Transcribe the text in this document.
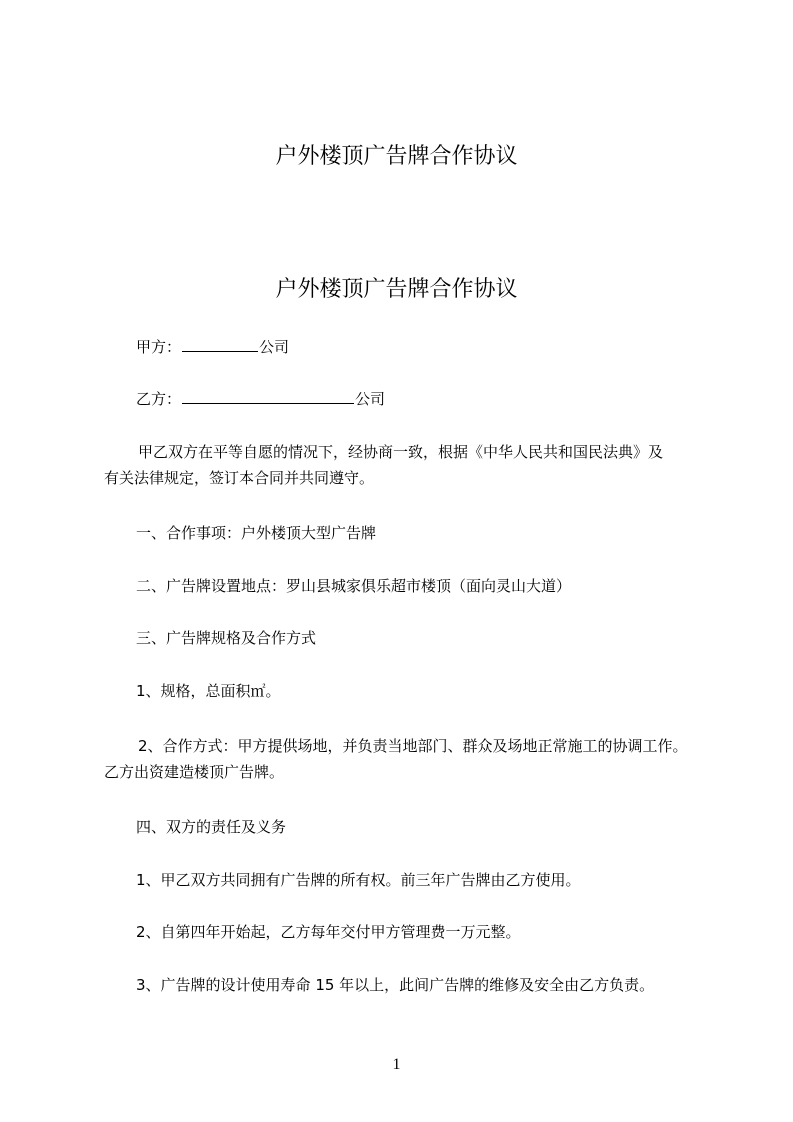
户外楼顶广告牌合作协议
户外楼顶广告牌合作协议

甲方：	公司

乙方：	公司

甲乙双方在平等自愿的情况下，经协商一致，根据《中华人民共和国民法典》及

有关法律规定，签订本合同并共同遵守。

一、合作事项：户外楼顶大型广告牌

二、广告牌设置地点：罗山县城家俱乐超市楼顶（面向灵山大道）

三、广告牌规格及合作方式

1、规格，总面积㎡。

2、合作方式：甲方提供场地，并负责当地部门、群众及场地正常施工的协调工作。

乙方出资建造楼顶广告牌。

四、双方的责任及义务

1、甲乙双方共同拥有广告牌的所有权。前三年广告牌由乙方使用。

2、自第四年开始起，乙方每年交付甲方管理费一万元整。

3、广告牌的设计使用寿命 15 年以上，此间广告牌的维修及安全由乙方负责。

1
